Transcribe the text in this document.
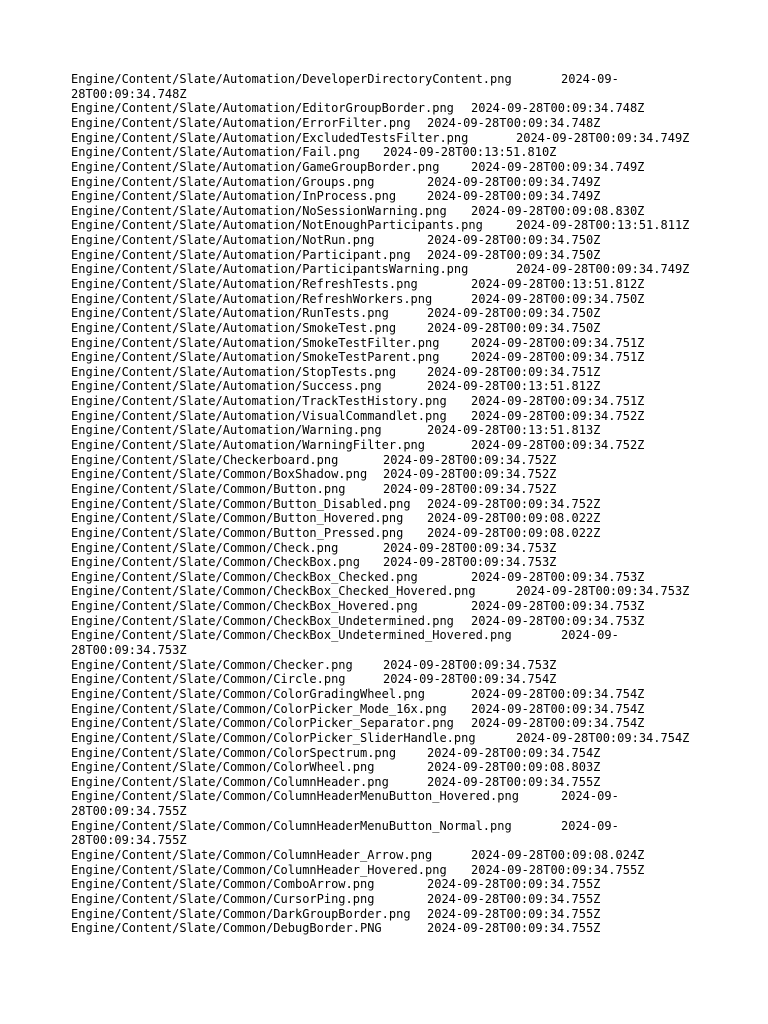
Engine/Content/Slate/Automation/DeveloperDirectoryContent.png	2024-09-
28T00:09:34.748Z
Engine/Content/Slate/Automation/EditorGroupBorder.png 2024-09-28T00:09:34.748Z
Engine/Content/Slate/Automation/ErrorFilter.png 2024-09-28T00:09:34.748Z
Engine/Content/Slate/Automation/ExcludedTestsFilter.png	2024-09-28T00:09:34.749Z
Engine/Content/Slate/Automation/Fail.png 2024-09-28T00:13:51.810Z
Engine/Content/Slate/Automation/GameGroupBorder.png	2024-09-28T00:09:34.749Z
Engine/Content/Slate/Automation/Groups.png	2024-09-28T00:09:34.749Z
Engine/Content/Slate/Automation/InProcess.png	2024-09-28T00:09:34.749Z
Engine/Content/Slate/Automation/NoSessionWarning.png 2024-09-28T00:09:08.830Z
Engine/Content/Slate/Automation/NotEnoughParticipants.png	2024-09-28T00:13:51.811Z
Engine/Content/Slate/Automation/NotRun.png	2024-09-28T00:09:34.750Z
Engine/Content/Slate/Automation/Participant.png 2024-09-28T00:09:34.750Z
Engine/Content/Slate/Automation/ParticipantsWarning.png	2024-09-28T00:09:34.749Z
Engine/Content/Slate/Automation/RefreshTests.png	2024-09-28T00:13:51.812Z
Engine/Content/Slate/Automation/RefreshWorkers.png	2024-09-28T00:09:34.750Z
Engine/Content/Slate/Automation/RunTests.png	2024-09-28T00:09:34.750Z
Engine/Content/Slate/Automation/SmokeTest.png	2024-09-28T00:09:34.750Z
Engine/Content/Slate/Automation/SmokeTestFilter.png	2024-09-28T00:09:34.751Z
Engine/Content/Slate/Automation/SmokeTestParent.png	2024-09-28T00:09:34.751Z
Engine/Content/Slate/Automation/StopTests.png	2024-09-28T00:09:34.751Z
Engine/Content/Slate/Automation/Success.png	2024-09-28T00:13:51.812Z
Engine/Content/Slate/Automation/TrackTestHistory.png 2024-09-28T00:09:34.751Z
Engine/Content/Slate/Automation/VisualCommandlet.png 2024-09-28T00:09:34.752Z
Engine/Content/Slate/Automation/Warning.png	2024-09-28T00:13:51.813Z
Engine/Content/Slate/Automation/WarningFilter.png	2024-09-28T00:09:34.752Z
Engine/Content/Slate/Checkerboard.png	2024-09-28T00:09:34.752Z
Engine/Content/Slate/Common/BoxShadow.png 2024-09-28T00:09:34.752Z
Engine/Content/Slate/Common/Button.png	2024-09-28T00:09:34.752Z
Engine/Content/Slate/Common/Button_Disabled.png 2024-09-28T00:09:34.752Z
Engine/Content/Slate/Common/Button_Hovered.png 2024-09-28T00:09:08.022Z
Engine/Content/Slate/Common/Button_Pressed.png 2024-09-28T00:09:08.022Z
Engine/Content/Slate/Common/Check.png	2024-09-28T00:09:34.753Z
Engine/Content/Slate/Common/CheckBox.png 2024-09-28T00:09:34.753Z
Engine/Content/Slate/Common/CheckBox_Checked.png	2024-09-28T00:09:34.753Z
Engine/Content/Slate/Common/CheckBox_Checked_Hovered.png	2024-09-28T00:09:34.753Z
Engine/Content/Slate/Common/CheckBox_Hovered.png	2024-09-28T00:09:34.753Z
Engine/Content/Slate/Common/CheckBox_Undetermined.png 2024-09-28T00:09:34.753Z
Engine/Content/Slate/Common/CheckBox_Undetermined_Hovered.png	2024-09-
28T00:09:34.753Z
Engine/Content/Slate/Common/Checker.png	2024-09-28T00:09:34.753Z
Engine/Content/Slate/Common/Circle.png	2024-09-28T00:09:34.754Z
Engine/Content/Slate/Common/ColorGradingWheel.png	2024-09-28T00:09:34.754Z
Engine/Content/Slate/Common/ColorPicker_Mode_16x.png 2024-09-28T00:09:34.754Z
Engine/Content/Slate/Common/ColorPicker_Separator.png 2024-09-28T00:09:34.754Z
Engine/Content/Slate/Common/ColorPicker_SliderHandle.png	2024-09-28T00:09:34.754Z
Engine/Content/Slate/Common/ColorSpectrum.png	2024-09-28T00:09:34.754Z
Engine/Content/Slate/Common/ColorWheel.png	2024-09-28T00:09:08.803Z
Engine/Content/Slate/Common/ColumnHeader.png	2024-09-28T00:09:34.755Z
Engine/Content/Slate/Common/ColumnHeaderMenuButton_Hovered.png	2024-09-
28T00:09:34.755Z
Engine/Content/Slate/Common/ColumnHeaderMenuButton_Normal.png	2024-09-
28T00:09:34.755Z
Engine/Content/Slate/Common/ColumnHeader_Arrow.png	2024-09-28T00:09:08.024Z
Engine/Content/Slate/Common/ColumnHeader_Hovered.png 2024-09-28T00:09:34.755Z
Engine/Content/Slate/Common/ComboArrow.png	2024-09-28T00:09:34.755Z
Engine/Content/Slate/Common/CursorPing.png	2024-09-28T00:09:34.755Z
Engine/Content/Slate/Common/DarkGroupBorder.png 2024-09-28T00:09:34.755Z
Engine/Content/Slate/Common/DebugBorder.PNG	2024-09-28T00:09:34.755Z
